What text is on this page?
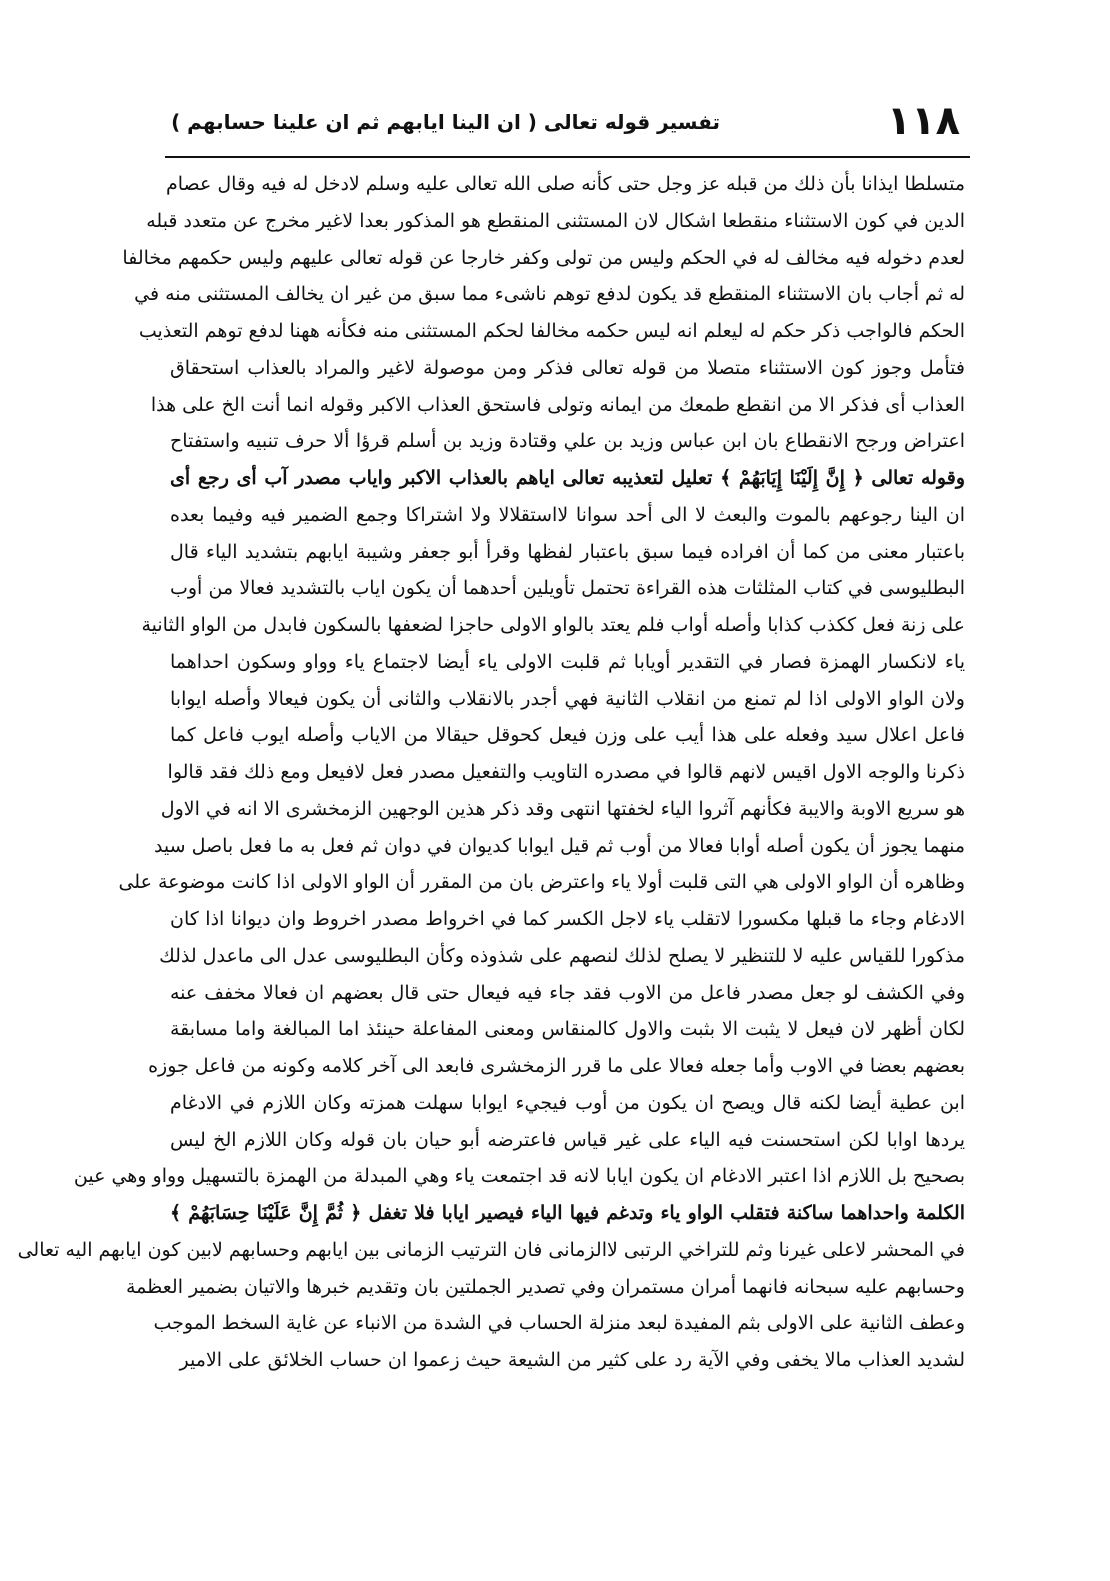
١١٨
تفسير قوله تعالى ( ان الينا ايابهم ثم ان علينا حسابهم )
متسلطا ايذانا بأن ذلك من قبله عز وجل حتى كأنه صلى الله تعالى عليه وسلم لادخل له فيه وقال عصام
الدين في كون الاستثناء منقطعا اشكال لان المستثنى المنقطع هو المذكور بعدا لاغير مخرج عن متعدد قبله
لعدم دخوله فيه مخالف له في الحكم وليس من تولى وكفر خارجا عن قوله تعالى عليهم وليس حكمهم مخالفا
له ثم أجاب بان الاستثناء المنقطع قد يكون لدفع توهم ناشىء مما سبق من غير ان يخالف المستثنى منه في
الحكم فالواجب ذكر حكم له ليعلم انه ليس حكمه مخالفا لحكم المستثنى منه فكأنه ههنا لدفع توهم التعذيب
فتأمل وجوز كون الاستثناء متصلا من قوله تعالى فذكر ومن موصولة لاغير والمراد بالعذاب استحقاق
العذاب أى فذكر الا من انقطع طمعك من ايمانه وتولى فاستحق العذاب الاكبر وقوله انما أنت الخ على هذا
اعتراض ورجح الانقطاع بان ابن عباس وزيد بن علي وقتادة وزيد بن أسلم قرؤا ألا حرف تنبيه واستفتاح
وقوله تعالى ﴿ إِنَّ إِلَيْنَا إِيَابَهُمْ ﴾ تعليل لتعذيبه تعالى اياهم بالعذاب الاكبر واياب مصدر آب أى رجع أى
ان الينا رجوعهم بالموت والبعث لا الى أحد سوانا لااستقلالا ولا اشتراكا وجمع الضمير فيه وفيما بعده
باعتبار معنى من كما أن افراده فيما سبق باعتبار لفظها وقرأ أبو جعفر وشيبة ايابهم بتشديد الياء قال
البطليوسى في كتاب المثلثات هذه القراءة تحتمل تأويلين أحدهما أن يكون اياب بالتشديد فعالا من أوب
على زنة فعل ككذب كذابا وأصله أواب فلم يعتد بالواو الاولى حاجزا لضعفها بالسكون فابدل من الواو الثانية
ياء لانكسار الهمزة فصار في التقدير أويابا ثم قلبت الاولى ياء أيضا لاجتماع ياء وواو وسكون احداهما
ولان الواو الاولى اذا لم تمنع من انقلاب الثانية فهي أجدر بالانقلاب والثانى أن يكون فيعالا وأصله ايوابا
فاعل اعلال سيد وفعله على هذا أيب على وزن فيعل كحوقل حيقالا من الاياب وأصله ايوب فاعل كما
ذكرنا والوجه الاول اقيس لانهم قالوا في مصدره التاويب والتفعيل مصدر فعل لافيعل ومع ذلك فقد قالوا
هو سريع الاوبة والايبة فكأنهم آثروا الياء لخفتها انتهى وقد ذكر هذين الوجهين الزمخشرى الا انه في الاول
منهما يجوز أن يكون أصله أوابا فعالا من أوب ثم قيل ايوابا كديوان في دوان ثم فعل به ما فعل باصل سيد
وظاهره أن الواو الاولى هي التى قلبت أولا ياء واعترض بان من المقرر أن الواو الاولى اذا كانت موضوعة على
الادغام وجاء ما قبلها مكسورا لاتقلب ياء لاجل الكسر كما في اخرواط مصدر اخروط وان ديوانا اذا كان
مذكورا للقياس عليه لا للتنظير لا يصلح لذلك لنصهم على شذوذه وكأن البطليوسى عدل الى ماعدل لذلك
وفي الكشف لو جعل مصدر فاعل من الاوب فقد جاء فيه فيعال حتى قال بعضهم ان فعالا مخفف عنه
لكان أظهر لان فيعل لا يثبت الا بثبت والاول كالمنقاس ومعنى المفاعلة حينئذ اما المبالغة واما مسابقة
بعضهم بعضا في الاوب وأما جعله فعالا على ما قرر الزمخشرى فابعد الى آخر كلامه وكونه من فاعل جوزه
ابن عطية أيضا لكنه قال ويصح ان يكون من أوب فيجيء ايوابا سهلت همزته وكان اللازم في الادغام
يردها اوابا لكن استحسنت فيه الياء على غير قياس فاعترضه أبو حيان بان قوله وكان اللازم الخ ليس
بصحيح بل اللازم اذا اعتبر الادغام ان يكون ايابا لانه قد اجتمعت ياء وهي المبدلة من الهمزة بالتسهيل وواو وهي عين
الكلمة واحداهما ساكنة فتقلب الواو ياء وتدغم فيها الياء فيصير ايابا فلا تغفل ﴿ ثُمَّ إِنَّ عَلَيْنَا حِسَابَهُمْ ﴾
في المحشر لاعلى غيرنا وثم للتراخي الرتبى لاالزمانى فان الترتيب الزمانى بين ايابهم وحسابهم لابين كون ايابهم اليه تعالى
وحسابهم عليه سبحانه فانهما أمران مستمران وفي تصدير الجملتين بان وتقديم خبرها والاتيان بضمير العظمة
وعطف الثانية على الاولى بثم المفيدة لبعد منزلة الحساب في الشدة من الانباء عن غاية السخط الموجب
لشديد العذاب مالا يخفى وفي الآية رد على كثير من الشيعة حيث زعموا ان حساب الخلائق على الامير
